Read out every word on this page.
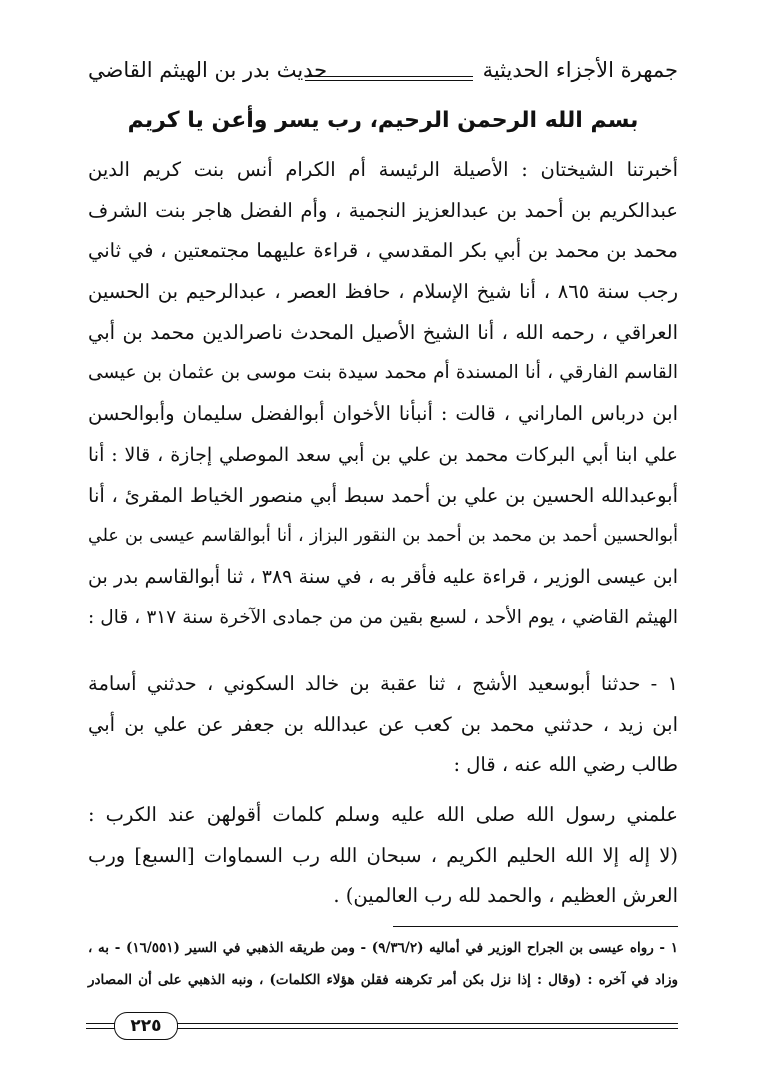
جمهرة الأجزاء الحديثية
حديث بدر بن الهيثم القاضي
بسم الله الرحمن الرحيم، رب يسر وأعن يا كريم
أخبرتنا الشيختان : الأصيلة الرئيسة أم الكرام أنس بنت كريم الدين
عبدالكريم بن أحمد بن عبدالعزيز النجمية ، وأم الفضل هاجر بنت الشرف
محمد بن محمد بن أبي بكر المقدسي ، قراءة عليهما مجتمعتين ، في ثاني
رجب سنة ٨٦٥ ، أنا شيخ الإسلام ، حافظ العصر ، عبدالرحيم بن الحسين
العراقي ، رحمه الله ، أنا الشيخ الأصيل المحدث ناصرالدين محمد بن أبي
القاسم الفارقي ، أنا المسندة أم محمد سيدة بنت موسى بن عثمان بن عيسى
ابن درباس الماراني ، قالت : أنبأنا الأخوان أبوالفضل سليمان وأبوالحسن
علي ابنا أبي البركات محمد بن علي بن أبي سعد الموصلي إجازة ، قالا : أنا
أبوعبدالله الحسين بن علي بن أحمد سبط أبي منصور الخياط المقرئ ، أنا
أبوالحسين أحمد بن محمد بن أحمد بن النقور البزاز ، أنا أبوالقاسم عيسى بن علي
ابن عيسى الوزير ، قراءة عليه فأقر به ، في سنة ٣٨٩ ، ثنا أبوالقاسم بدر بن
الهيثم القاضي ، يوم الأحد ، لسبع بقين من من جمادى الآخرة سنة ٣١٧ ، قال :
١ - حدثنا أبوسعيد الأشج ، ثنا عقبة بن خالد السكوني ، حدثني أسامة
ابن زيد ، حدثني محمد بن كعب عن عبدالله بن جعفر عن علي بن أبي
طالب رضي الله عنه ، قال :
علمني رسول الله صلى الله عليه وسلم كلمات أقولهن عند الكرب :
(لا إله إلا الله الحليم الكريم ، سبحان الله رب السماوات [السبع] ورب
العرش العظيم ، والحمد لله رب العالمين) .
١ - رواه عيسى بن الجراح الوزير في أماليه (٩/٣٦/٢) - ومن طريقه الذهبي في السير (١٦/٥٥١) - به ،
وزاد في آخره : (وقال : إذا نزل بكن أمر تكرهنه فقلن هؤلاء الكلمات) ، ونبه الذهبي على أن المصادر
٢٢٥
